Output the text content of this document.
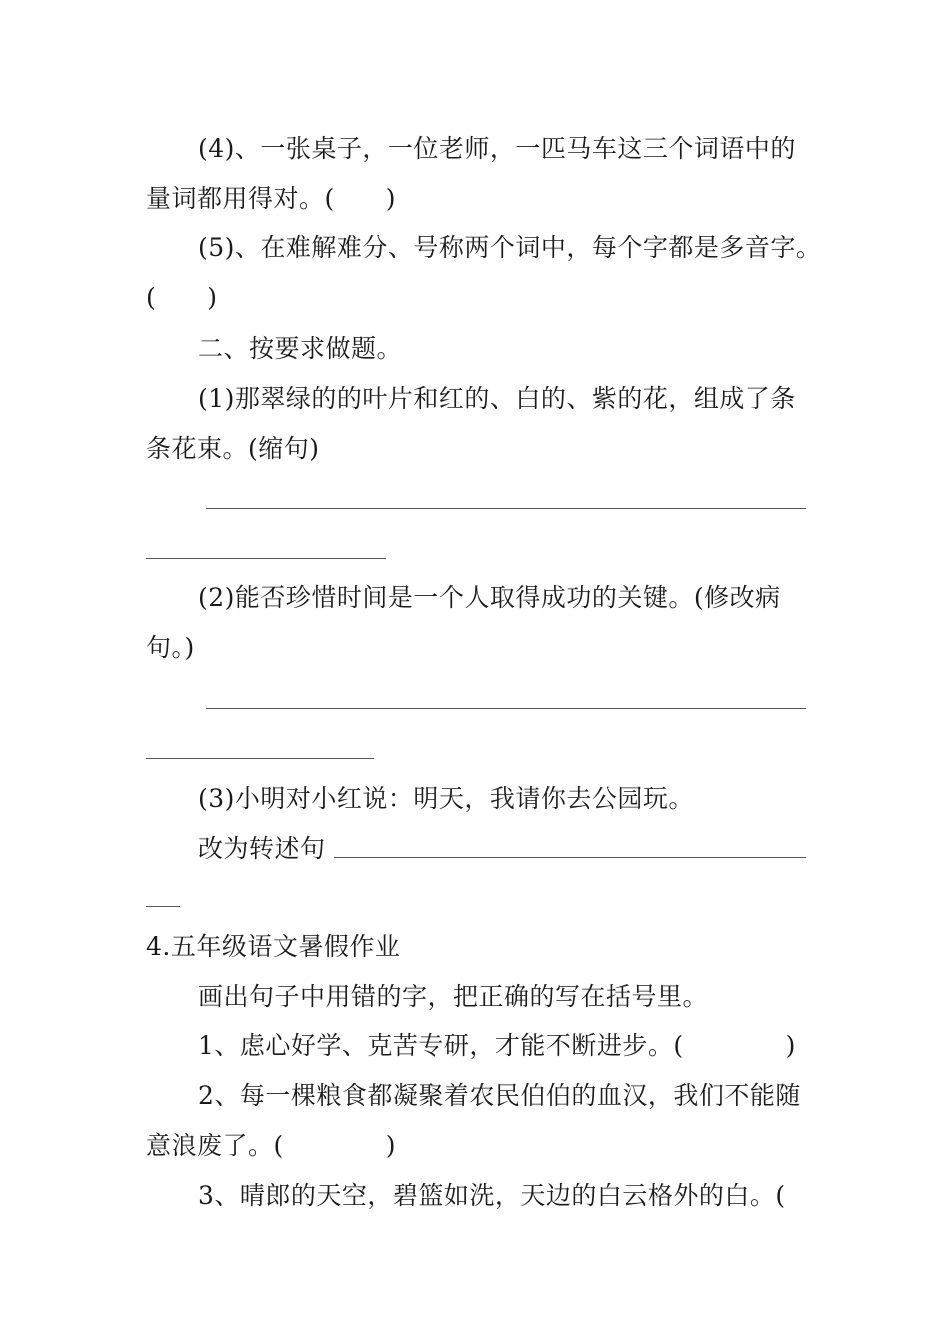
(4)、一张桌子，一位老师，一匹马车这三个词语中的
量词都用得对。(　　)
(5)、在难解难分、号称两个词中，每个字都是多音字。
(　　)
二、按要求做题。
(1)那翠绿的的叶片和红的、白的、紫的花，组成了条
条花束。(缩句)
(2)能否珍惜时间是一个人取得成功的关键。(修改病
句。)
(3)小明对小红说：明天，我请你去公园玩。
改为转述句
4.五年级语文暑假作业
画出句子中用错的字，把正确的写在括号里。
1、虑心好学、克苦专研，才能不断进步。(　　　　)
2、每一棵粮食都凝聚着农民伯伯的血汉，我们不能随
意浪废了。(　　　　)
3、晴郎的天空，碧篮如洗，天边的白云格外的白。(
